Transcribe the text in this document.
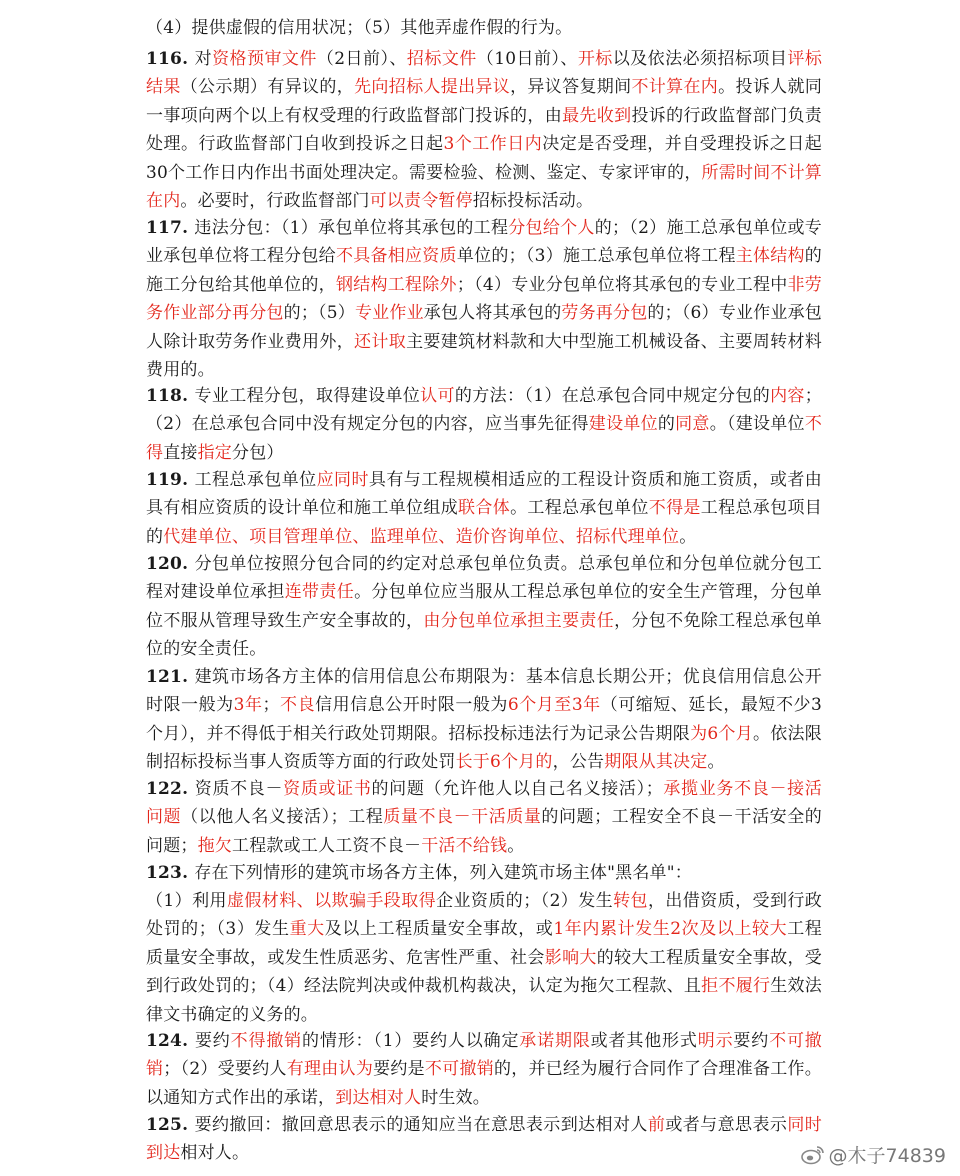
（4）提供虚假的信用状况；（5）其他弄虚作假的行为。
116. 对资格预审文件（2日前）、招标文件（10日前）、开标以及依法必须招标项目评标结果（公示期）有异议的，先向招标人提出异议，异议答复期间不计算在内。投诉人就同一事项向两个以上有权受理的行政监督部门投诉的，由最先收到投诉的行政监督部门负责处理。行政监督部门自收到投诉之日起3个工作日内决定是否受理，并自受理投诉之日起30个工作日内作出书面处理决定。需要检验、检测、鉴定、专家评审的，所需时间不计算在内。必要时，行政监督部门可以责令暂停招标投标活动。
117. 违法分包：（1）承包单位将其承包的工程分包给个人的；（2）施工总承包单位或专业承包单位将工程分包给不具备相应资质单位的；（3）施工总承包单位将工程主体结构的施工分包给其他单位的，钢结构工程除外；（4）专业分包单位将其承包的专业工程中非劳务作业部分再分包的；（5）专业作业承包人将其承包的劳务再分包的；（6）专业作业承包人除计取劳务作业费用外，还计取主要建筑材料款和大中型施工机械设备、主要周转材料费用的。
118. 专业工程分包，取得建设单位认可的方法：（1）在总承包合同中规定分包的内容；（2）在总承包合同中没有规定分包的内容，应当事先征得建设单位的同意。（建设单位不得直接指定分包）
119. 工程总承包单位应同时具有与工程规模相适应的工程设计资质和施工资质，或者由具有相应资质的设计单位和施工单位组成联合体。工程总承包单位不得是工程总承包项目的代建单位、项目管理单位、监理单位、造价咨询单位、招标代理单位。
120. 分包单位按照分包合同的约定对总承包单位负责。总承包单位和分包单位就分包工程对建设单位承担连带责任。分包单位应当服从工程总承包单位的安全生产管理，分包单位不服从管理导致生产安全事故的，由分包单位承担主要责任，分包不免除工程总承包单位的安全责任。
121. 建筑市场各方主体的信用信息公布期限为：基本信息长期公开；优良信用信息公开时限一般为3年；不良信用信息公开时限一般为6个月至3年（可缩短、延长，最短不少3个月），并不得低于相关行政处罚期限。招标投标违法行为记录公告期限为6个月。依法限制招标投标当事人资质等方面的行政处罚长于6个月的，公告期限从其决定。
122. 资质不良－资质或证书的问题（允许他人以自己名义接活）；承揽业务不良－接活问题（以他人名义接活）；工程质量不良－干活质量的问题；工程安全不良－干活安全的问题；拖欠工程款或工人工资不良－干活不给钱。
123. 存在下列情形的建筑市场各方主体，列入建筑市场主体"黑名单"：
（1）利用虚假材料、以欺骗手段取得企业资质的；（2）发生转包，出借资质，受到行政处罚的；（3）发生重大及以上工程质量安全事故，或1年内累计发生2次及以上较大工程质量安全事故，或发生性质恶劣、危害性严重、社会影响大的较大工程质量安全事故，受到行政处罚的；（4）经法院判决或仲裁机构裁决，认定为拖欠工程款、且拒不履行生效法律文书确定的义务的。
124. 要约不得撤销的情形：（1）要约人以确定承诺期限或者其他形式明示要约不可撤销；（2）受要约人有理由认为要约是不可撤销的，并已经为履行合同作了合理准备工作。以通知方式作出的承诺，到达相对人时生效。
125. 要约撤回：撤回意思表示的通知应当在意思表示到达相对人前或者与意思表示同时到达相对人。	@木子74839
